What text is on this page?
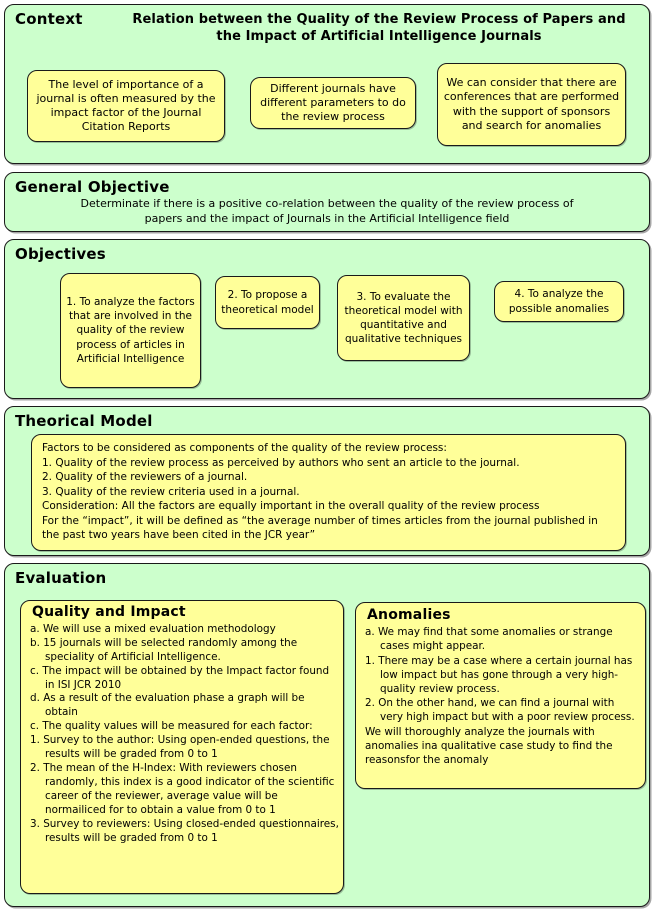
Context	Relation between the Quality of the Review Process of Papers and
the Impact of Artificial Intelligence Journals
The level of importance of a journal is often measured by the impact factor of the Journal Citation Reports
Different journals have different parameters to do the review process
We can consider that there are conferences that are performed with the support of sponsors and search for anomalies
General Objective
Determinate if there is a positive co-relation between the quality of the review process of
papers and the impact of Journals in the Artificial Intelligence field
Objectives
1. To analyze the factors that are involved in the quality of the review process of articles in Artificial Intelligence
2. To propose a theoretical model
3. To evaluate the theoretical model with quantitative and qualitative techniques
4. To analyze the possible anomalies
Theorical Model
Factors to be considered as components of the quality of the review process:
1. Quality of the review process as perceived by authors who sent an article to the journal.
2. Quality of the reviewers of a journal.
3. Quality of the review criteria used in a journal.
Consideration: All the factors are equally important in the overall quality of the review process
For the “impact”, it will be defined as “the average number of times articles from the journal published in the past two years have been cited in the JCR year”
Evaluation
Quality and Impact
a. We will use a mixed evaluation methodology
b. 15 journals will be selected randomly among the speciality of Artificial Intelligence.
c. The impact will be obtained by the Impact factor found in ISI JCR 2010
d. As a result of the evaluation phase a graph will be obtain
c. The quality values will be measured for each factor:
1. Survey to the author: Using open-ended questions, the results will be graded from 0 to 1
2. The mean of the H-Index: With reviewers chosen randomly, this index is a good indicator of the scientific career of the reviewer, average value will be normailiced for to obtain a value from 0 to 1
3. Survey to reviewers: Using closed-ended questionnaires, results will be graded from 0 to 1
Anomalies
a. We may find that some anomalies or strange cases might appear.
1. There may be a case where a certain journal has low impact but has gone through a very high-quality review process.
2. On the other hand, we can find a journal with very high impact but with a poor review process.
We will thoroughly analyze the journals with anomalies ina qualitative case study to find the reasonsfor the anomaly
